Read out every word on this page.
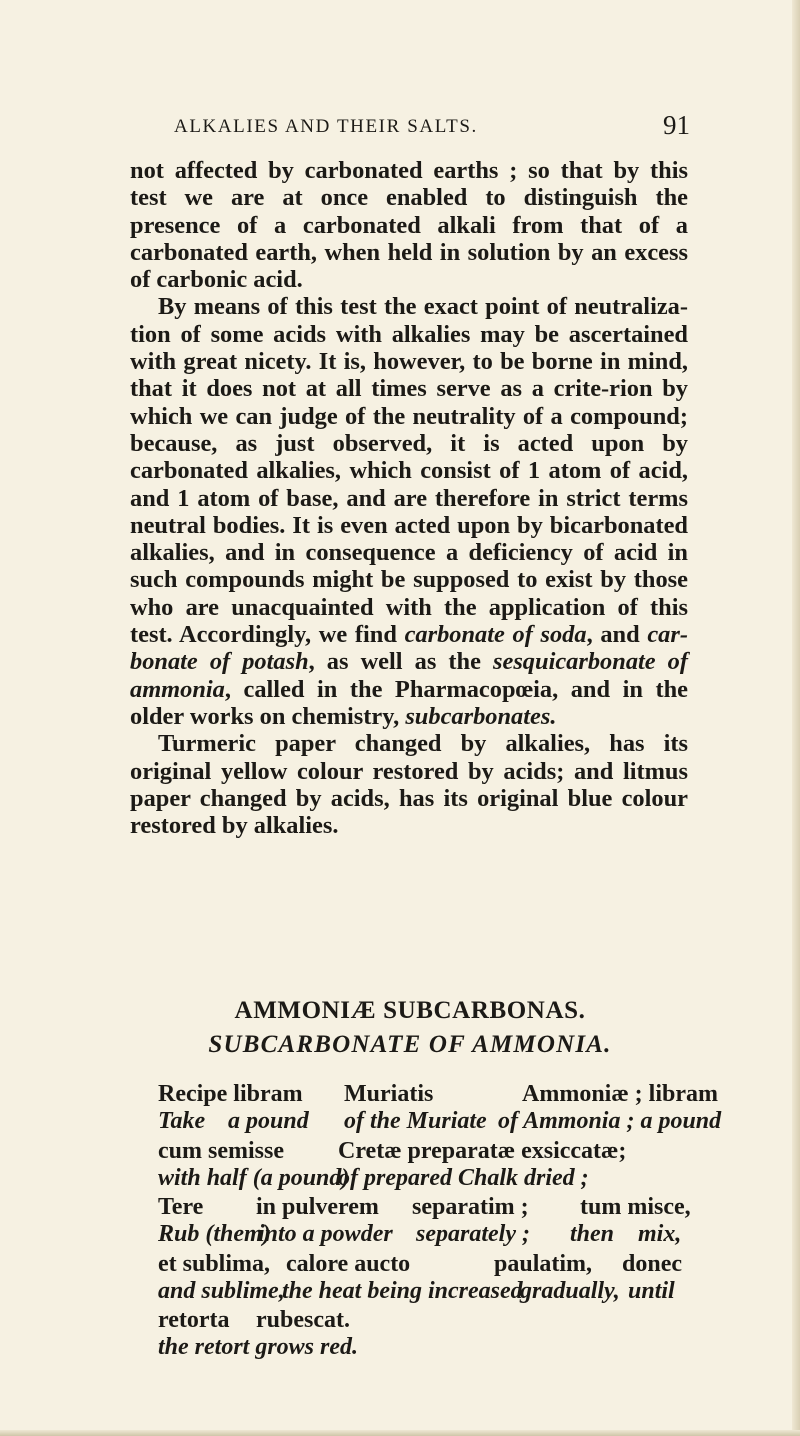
ALKALIES AND THEIR SALTS.	91

not affected by carbonated earths ; so that by this test we are at once enabled to distinguish the presence of a carbonated alkali from that of a carbonated earth, when held in solution by an excess of carbonic acid.

By means of this test the exact point of neutraliza-tion of some acids with alkalies may be ascertained with great nicety. It is, however, to be borne in mind, that it does not at all times serve as a crite-rion by which we can judge of the neutrality of a compound; because, as just observed, it is acted upon by carbonated alkalies, which consist of 1 atom of acid, and 1 atom of base, and are therefore in strict terms neutral bodies. It is even acted upon by bicarbonated alkalies, and in consequence a deficiency of acid in such compounds might be supposed to exist by those who are unacquainted with the application of this test. Accordingly, we find carbonate of soda, and car-bonate of potash, as well as the sesquicarbonate of ammonia, called in the Pharmacopœia, and in the older works on chemistry, subcarbonates.

Turmeric paper changed by alkalies, has its original yellow colour restored by acids; and litmus paper changed by acids, has its original blue colour restored by alkalies.

AMMONIÆ SUBCARBONAS.
SUBCARBONATE OF AMMONIA.
Recipe libram Muriatis	Ammoniæ ; libram
Take a pound of the Muriate of Ammonia ; a pound
cum semisse Cretæ preparatæ exsiccatæ;
with half (a pound)
of prepared Chalk dried ;
Tere in pulverem separatim ; tum misce,
Rub (them)
into a powder separately ; then mix,
et sublima, calore aucto	paulatim, donec
and sublime,
the heat being increased
gradually, until
retorta rubescat.
the retort grows red.
